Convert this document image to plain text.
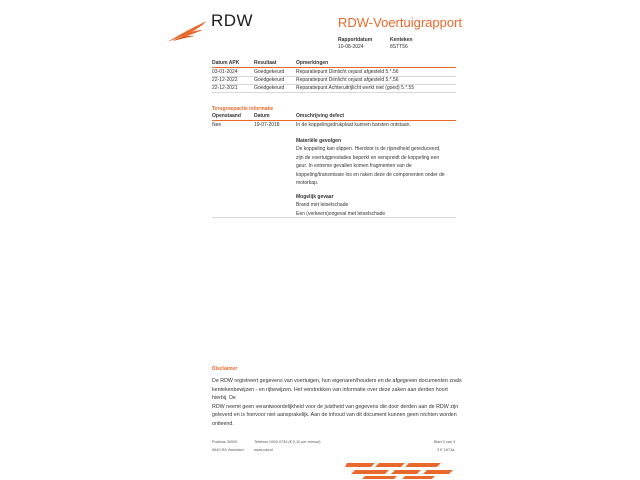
RDW	RDW-Voertuigrapport
Rapportdatum
10-08-2024
Kenteken
8STT56
Datum APK	Resultaat	Opmerkingen
03-01-2024	Goedgekeurd Reparatiepunt Dimlicht onjuist afgesteld 5.*.56
22-12-2022	Goedgekeurd Reparatiepunt Dimlicht onjuist afgesteld 5.*.56
22-12-2021	Goedgekeurd Reparatiepunt Achteruitrijlicht werkt niet (goed) 5.*.55
Terugroepactie informatie
Openstaand	Datum	Omschrijving defect
Nee	19-07-2018	In de koppelingsdrukplaat kunnen barsten ontstaan.
Materiële gevolgen
De koppeling kan slippen. Hierdoor is de rijsnelheid gereduceerd,
zijn de voertuigprestaties beperkt en verspreidt de koppeling een
geur. In extreme gevallen komen fragmenten van de
koppeling/transmissie los en raken deze de componenten onder de
motorkap.
Mogelijk gevaar
Brand met letselschade
Een (verkeers)ongeval met letselschade
Disclaimer
De RDW registreert gegevens van voertuigen, hun eigenaren/houders en de afgegeven documenten zoals
kentekenbewijzen - en rijbewijzen. Het verstrekken van informatie over deze zaken aan derden hoort hierbij. De
RDW neemt geen verantwoordelijkheid voor de juistheid van gegevens die door derden aan de RDW zijn
geleverd en is hiervoor niet aansprakelijk. Aan de inhoud van dit document kunnen geen rechten worden
ontleend.
Postbus 30000
9640 RA Veendam
Telefoon 0900 0739 (€ 0,10 per minuut)
www.rdw.nl
Blad 3 van 3
3 E 1671a
